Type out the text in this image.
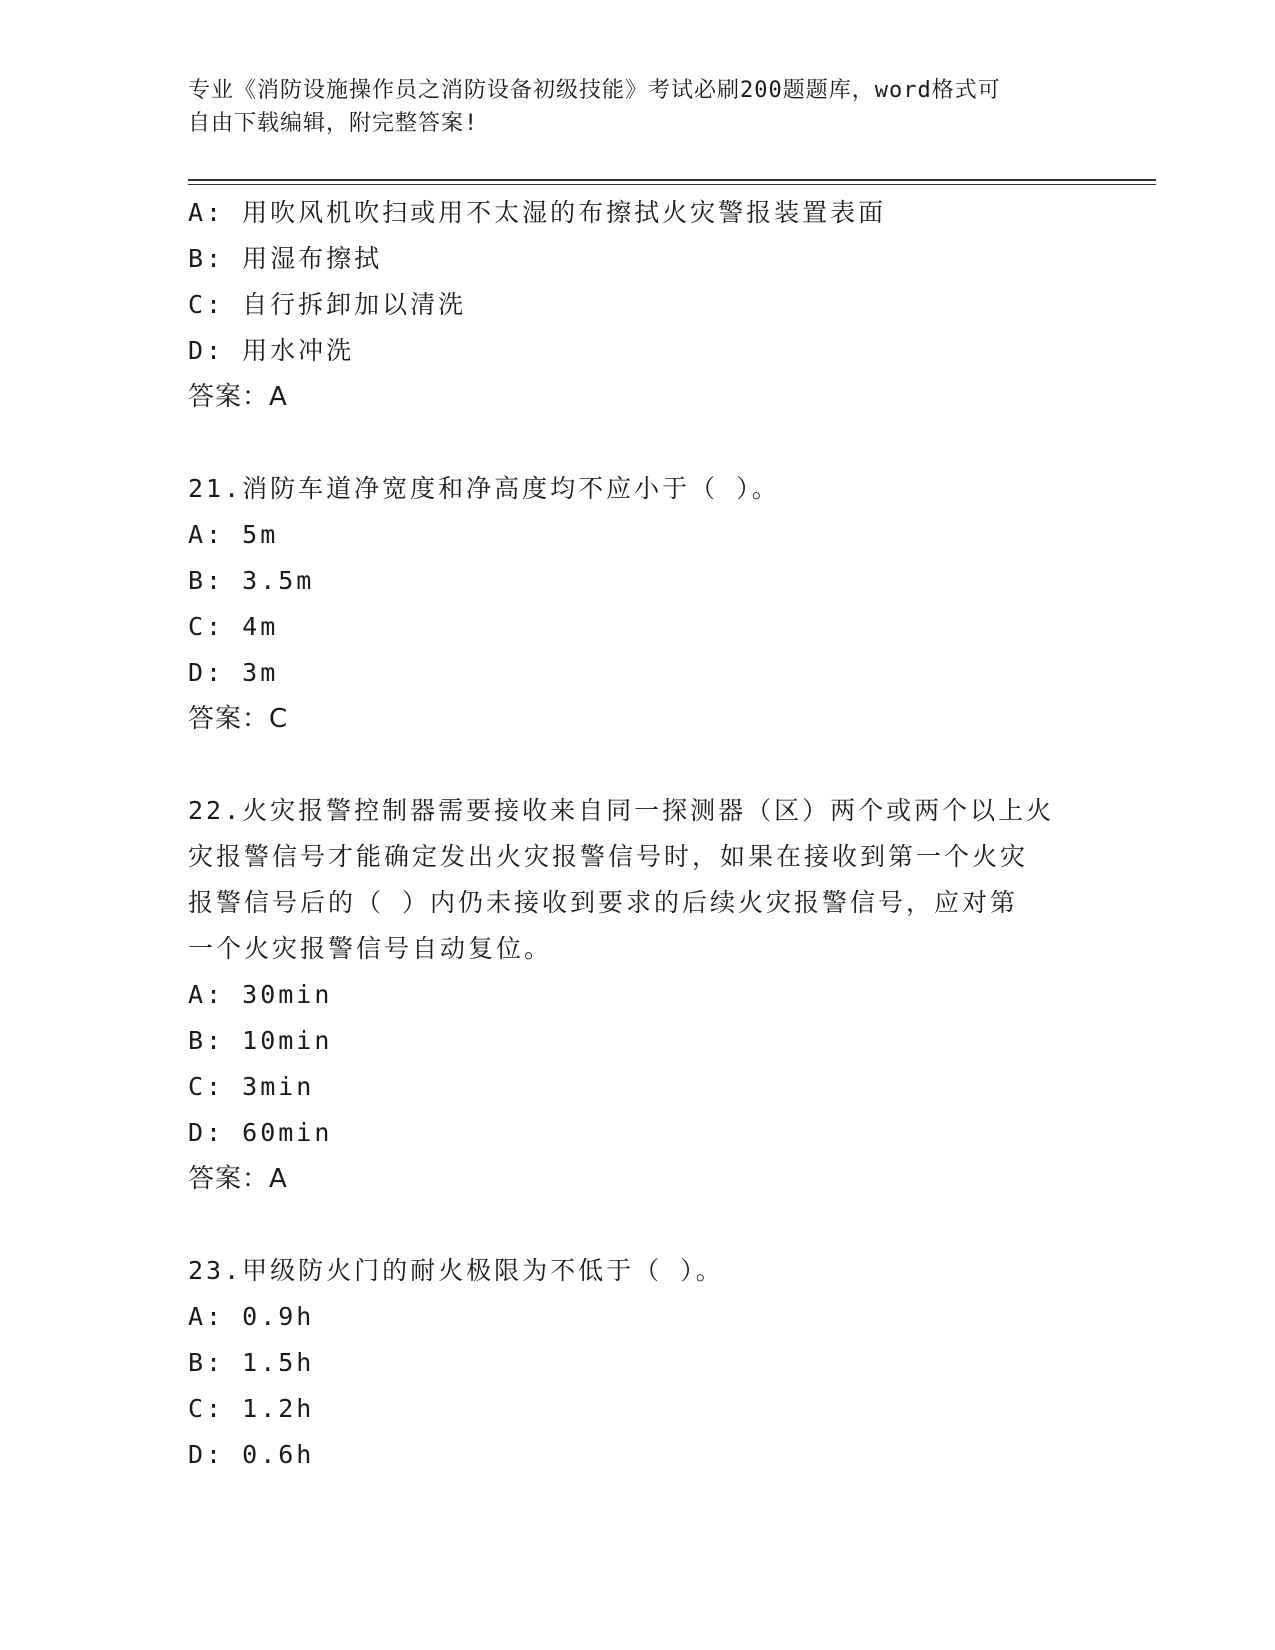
专业《消防设施操作员之消防设备初级技能》考试必刷200题题库，word格式可
自由下载编辑，附完整答案!
A: 用吹风机吹扫或用不太湿的布擦拭火灾警报装置表面
B: 用湿布擦拭
C: 自行拆卸加以清洗
D: 用水冲洗
答案：A
21.消防车道净宽度和净高度均不应小于（ ）。
A: 5m
B: 3.5m
C: 4m
D: 3m
答案：C
22.火灾报警控制器需要接收来自同一探测器（区）两个或两个以上火
灾报警信号才能确定发出火灾报警信号时，如果在接收到第一个火灾
报警信号后的（ ）内仍未接收到要求的后续火灾报警信号，应对第
一个火灾报警信号自动复位。
A: 30min
B: 10min
C: 3min
D: 60min
答案：A
23.甲级防火门的耐火极限为不低于（ ）。
A: 0.9h
B: 1.5h
C: 1.2h
D: 0.6h
